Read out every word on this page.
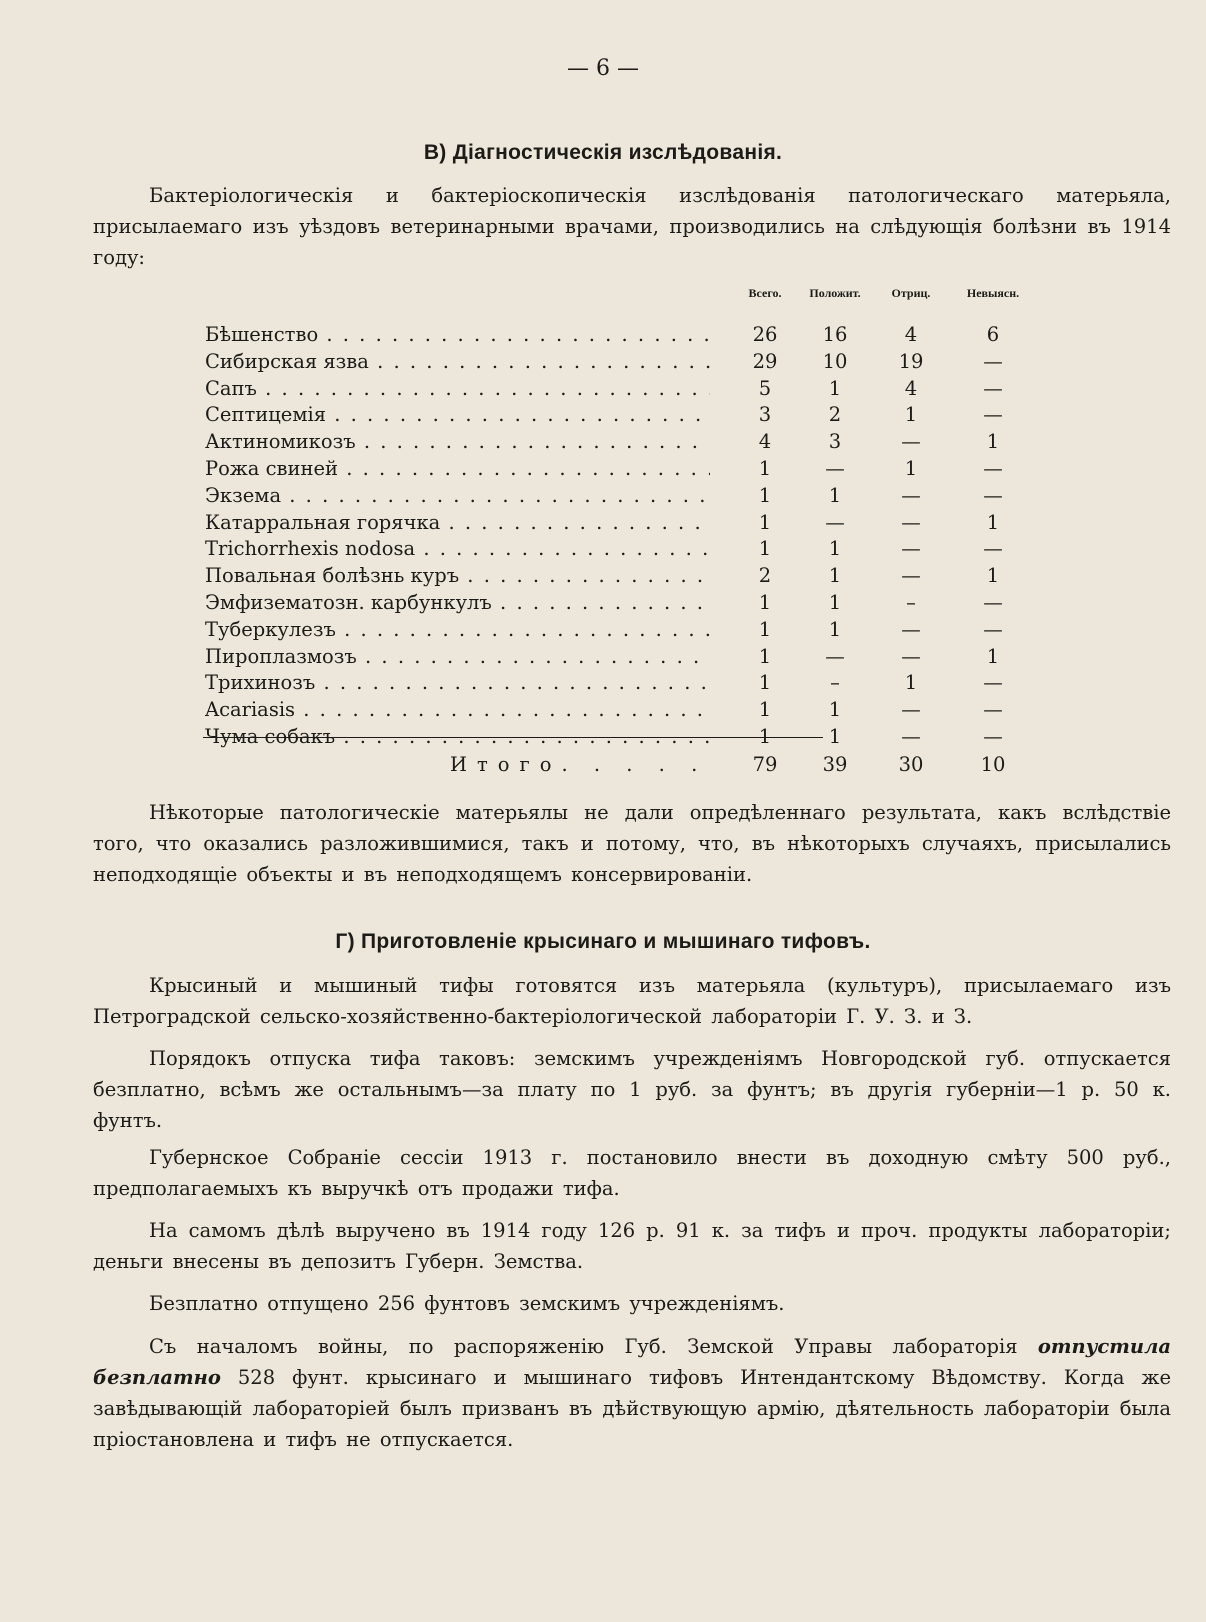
— 6 —
В) Діагностическія изслѣдованія.
Бактеріологическія и бактеріоскопическія изслѣдованія патологическаго матерьяла, присылаемаго изъ уѣздовъ ветеринарными врачами, производились на слѣдующія болѣзни въ 1914 году:
Всего.	Положит.	Отриц.	Невыясн.
Бѣшенство . . .	26	16	4	6
Сибирская язва . . .	29	10	19	—
Сапъ . . .	5	1	4	—
Септицемія . . .	3	2	1	—
Актиномикозъ . . .	4	3	—	1
Рожа свиней . . .	1	—	1	—
Экзема . . .	1	1	—	—
Катарральная горячка . . .	1	—	—	1
Trichorrhexis nodosa . . .	1	1	—	—
Повальная болѣзнь куръ . . .	2	1	—	1
Эмфизематозн. карбункулъ . . .	1	1	–	—
Туберкулезъ . . .	1	1	—	—
Пироплазмозъ . . .	1	—	—	1
Трихинозъ . . .	1	–	1	—
Acariasis . . .	1	1	—	—
Чума собакъ . . .	1	1	—	—
Итого. . . . .	79	39	30	10
Нѣкоторые патологическіе матерьялы не дали опредѣленнаго результата, какъ вслѣдствіе того, что оказались разложившимися, такъ и потому, что, въ нѣкоторыхъ случаяхъ, присылались неподходящіе объекты и въ неподходящемъ консервированіи.
Г) Приготовленіе крысинаго и мышинаго тифовъ.
Крысиный и мышиный тифы готовятся изъ матерьяла (культуръ), присылаемаго изъ Петроградской сельско-хозяйственно-бактеріологической лабораторіи Г. У. З. и З.
Порядокъ отпуска тифа таковъ: земскимъ учрежденіямъ Новгородской губ. отпускается безплатно, всѣмъ же остальнымъ—за плату по 1 руб. за фунтъ; въ другія губерніи—1 р. 50 к. фунтъ.
Губернское Собраніе сессіи 1913 г. постановило внести въ доходную смѣту 500 руб., предполагаемыхъ къ выручкѣ отъ продажи тифа.
На самомъ дѣлѣ выручено въ 1914 году 126 р. 91 к. за тифъ и проч. продукты лабораторіи; деньги внесены въ депозитъ Губерн. Земства.
Безплатно отпущено 256 фунтовъ земскимъ учрежденіямъ.
Съ началомъ войны, по распоряженію Губ. Земской Управы лабораторія отпустила безплатно 528 фунт. крысинаго и мышинаго тифовъ Интендантскому Вѣдомству. Когда же завѣдывающій лабораторіей былъ призванъ въ дѣйствующую армію, дѣятельность лабораторіи была пріостановлена и тифъ не отпускается.
